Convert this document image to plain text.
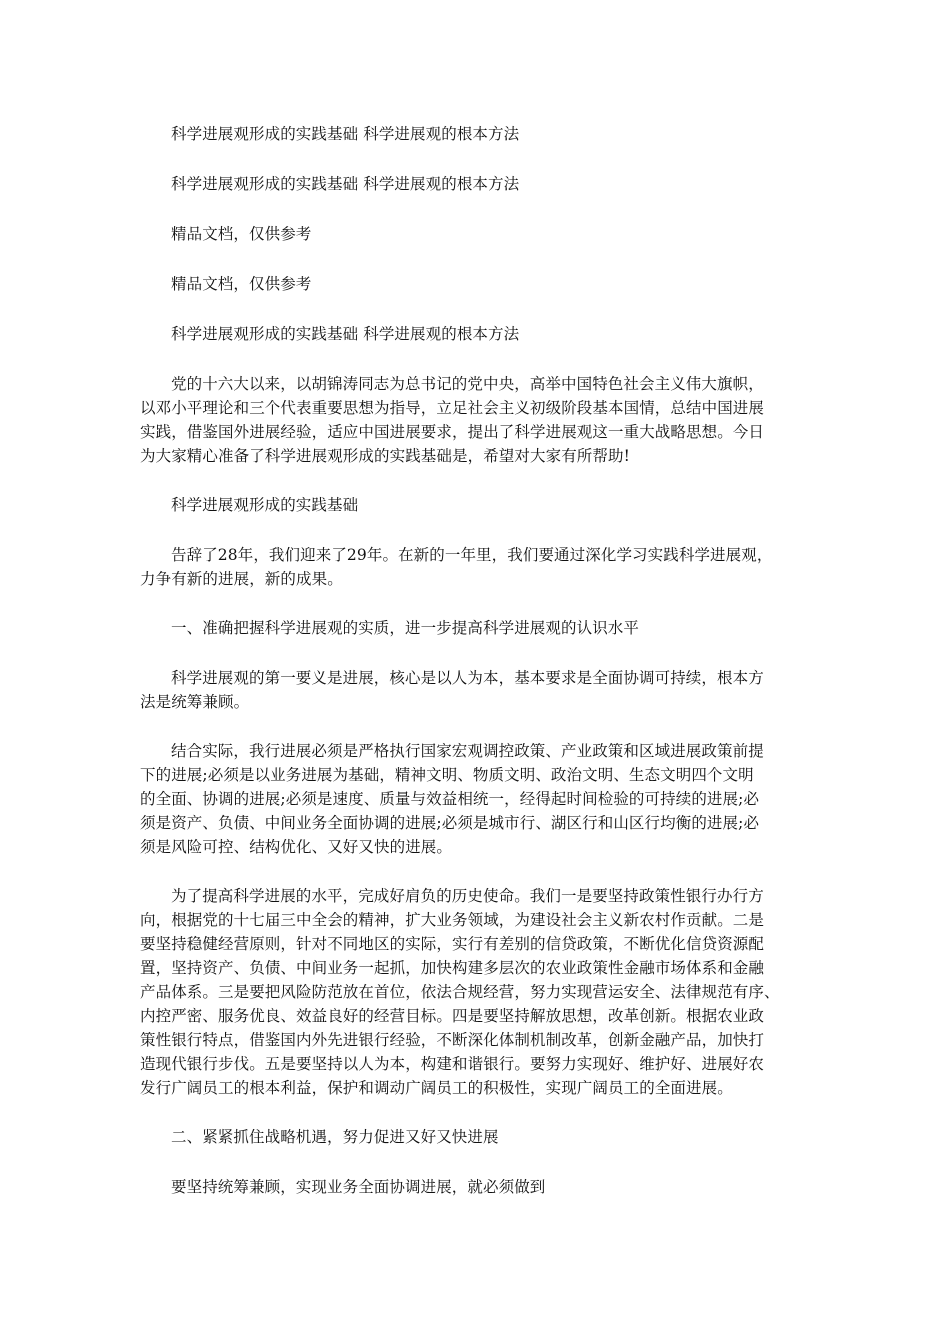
科学进展观形成的实践基础 科学进展观的根本方法

科学进展观形成的实践基础 科学进展观的根本方法

精品文档，仅供参考

精品文档，仅供参考

科学进展观形成的实践基础 科学进展观的根本方法

党的十六大以来，以胡锦涛同志为总书记的党中央，高举中国特色社会主义伟大旗帜，
以邓小平理论和三个代表重要思想为指导，立足社会主义初级阶段基本国情，总结中国进展
实践，借鉴国外进展经验，适应中国进展要求，提出了科学进展观这一重大战略思想。今日
为大家精心准备了科学进展观形成的实践基础是，希望对大家有所帮助!

科学进展观形成的实践基础

告辞了28年，我们迎来了29年。在新的一年里，我们要通过深化学习实践科学进展观，
力争有新的进展，新的成果。

一、准确把握科学进展观的实质，进一步提高科学进展观的认识水平

科学进展观的第一要义是进展，核心是以人为本，基本要求是全面协调可持续，根本方
法是统筹兼顾。

结合实际，我行进展必须是严格执行国家宏观调控政策、产业政策和区域进展政策前提
下的进展;必须是以业务进展为基础，精神文明、物质文明、政治文明、生态文明四个文明
的全面、协调的进展;必须是速度、质量与效益相统一，经得起时间检验的可持续的进展;必
须是资产、负债、中间业务全面协调的进展;必须是城市行、湖区行和山区行均衡的进展;必
须是风险可控、结构优化、又好又快的进展。

为了提高科学进展的水平，完成好肩负的历史使命。我们一是要坚持政策性银行办行方
向，根据党的十七届三中全会的精神，扩大业务领域，为建设社会主义新农村作贡献。二是
要坚持稳健经营原则，针对不同地区的实际，实行有差别的信贷政策，不断优化信贷资源配
置，坚持资产、负债、中间业务一起抓，加快构建多层次的农业政策性金融市场体系和金融
产品体系。三是要把风险防范放在首位，依法合规经营，努力实现营运安全、法律规范有序、
内控严密、服务优良、效益良好的经营目标。四是要坚持解放思想，改革创新。根据农业政
策性银行特点，借鉴国内外先进银行经验，不断深化体制机制改革，创新金融产品，加快打
造现代银行步伐。五是要坚持以人为本，构建和谐银行。要努力实现好、维护好、进展好农
发行广阔员工的根本利益，保护和调动广阔员工的积极性，实现广阔员工的全面进展。

二、紧紧抓住战略机遇，努力促进又好又快进展

要坚持统筹兼顾，实现业务全面协调进展，就必须做到
